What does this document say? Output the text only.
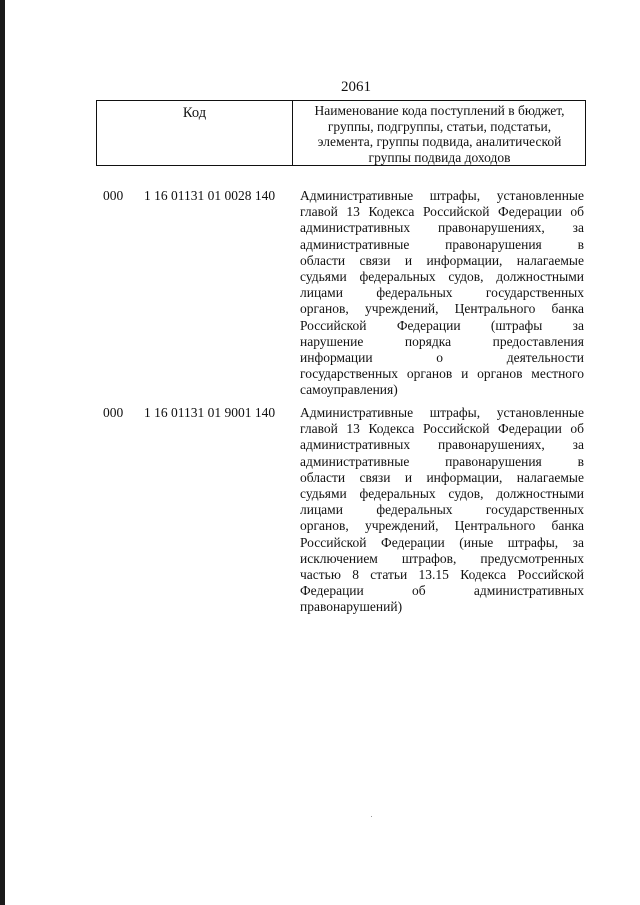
2061
Код	Наименование кода поступлений в бюджет,
группы, подгруппы, статьи, подстатьи,
элемента, группы подвида, аналитической
группы подвида доходов
000 1 16 01131 01 0028 140 Административные штрафы, установленные
главой 13 Кодекса Российской Федерации об
административных правонарушениях, за
административные правонарушения в
области связи и информации, налагаемые
судьями федеральных судов, должностными
лицами федеральных государственных
органов, учреждений, Центрального банка
Российской Федерации (штрафы за
нарушение порядка предоставления
информации о деятельности
государственных органов и органов местного
самоуправления)
000 1 16 01131 01 9001 140 Административные штрафы, установленные
главой 13 Кодекса Российской Федерации об
административных правонарушениях, за
административные правонарушения в
области связи и информации, налагаемые
судьями федеральных судов, должностными
лицами федеральных государственных
органов, учреждений, Центрального банка
Российской Федерации (иные штрафы, за
исключением штрафов, предусмотренных
частью 8 статьи 13.15 Кодекса Российской
Федерации об административных
правонарушений)
